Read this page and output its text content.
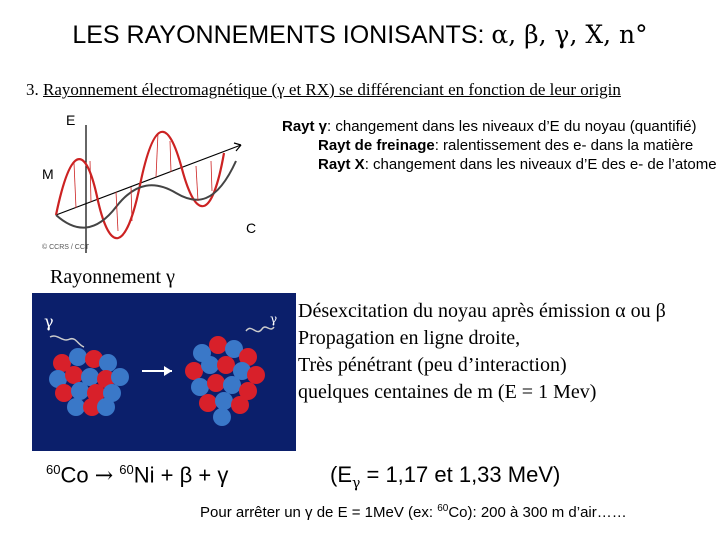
LES RAYONNEMENTS IONISANTS: α, β, γ, X, n°
3. Rayonnement électromagnétique (γ et RX) se différenciant en fonction de leur origin
E
M
C
© CCRS / CCT

Rayt γ: changement dans les niveaux d’E du noyau (quantifié)

Rayt de freinage: ralentissement des e- dans la matière

Rayt X: changement dans les niveaux d’E des e- de l’atome

Rayonnement γ
γ	γ Désexcitation du noyau après émission α ou β

Propagation en ligne droite,

Très pénétrant (peu d’interaction)

quelques centaines de m (E = 1 Mev)

$^{60}$Co → $^{60}$Ni + β + γ	($E_\gamma = 1,17$ et 1,33 MeV)
Pour arrêter un γ de E = 1MeV (ex: $^{60}$Co): 200 à 300 m d’air……
